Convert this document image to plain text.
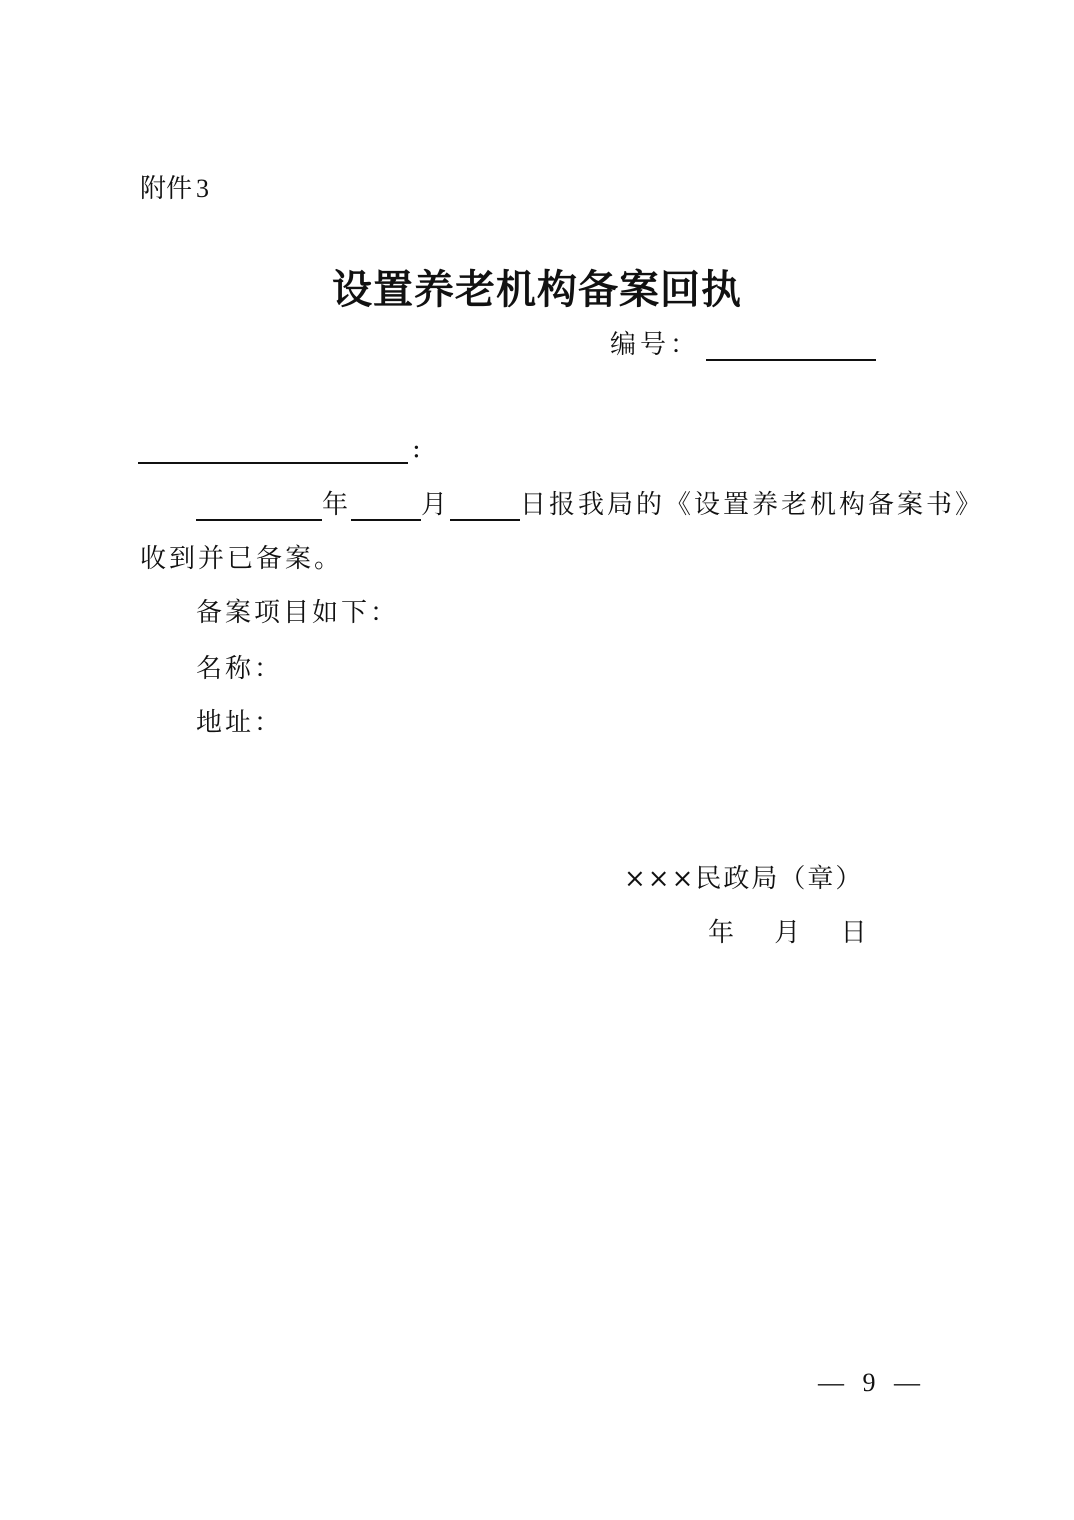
附件 3
设置养老机构备案回执
编号：
:
年	月	日报我局的《设置养老机构备案书》
收到并已备案。
备案项目如下：
名称：
地址：
×××民政局（章）
年 月 日
— 9 —
